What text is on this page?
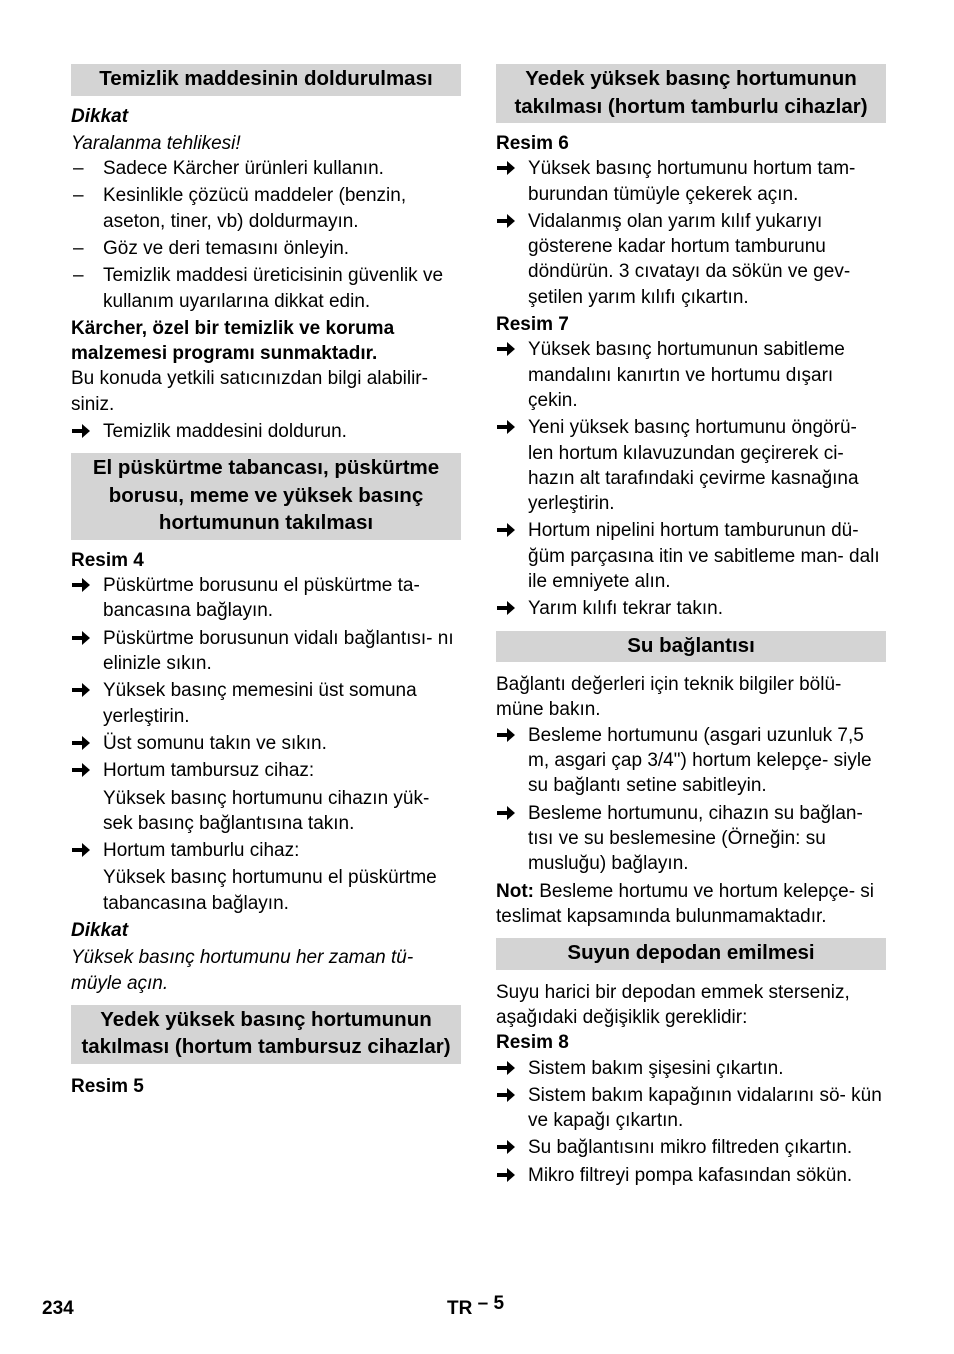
Temizlik maddesinin doldurulması
Dikkat
Yaralanma tehlikesi!
–	Sadece Kärcher ürünleri kullanın.
–	Kesinlikle çözücü maddeler (benzin, aseton, tiner, vb) doldurmayın.
–	Göz ve deri temasını önleyin.
–	Temizlik maddesi üreticisinin güvenlik ve kullanım uyarılarına dikkat edin.
Kärcher, özel bir temizlik ve koruma malzemesi programı sunmaktadır.
Bu konuda yetkili satıcınızdan bilgi alabilir- siniz.
Temizlik maddesini doldurun.
El püskürtme tabancası, püskürtme borusu, meme ve yüksek basınç hortumunun takılması
Resim 4
Püskürtme borusunu el püskürtme ta- bancasına bağlayın.
Püskürtme borusunun vidalı bağlantısı- nı elinizle sıkın.
Yüksek basınç memesini üst somuna yerleştirin.
Üst somunu takın ve sıkın.
Hortum tambursuz cihaz:
Yüksek basınç hortumunu cihazın yük- sek basınç bağlantısına takın.
Hortum tamburlu cihaz:
Yüksek basınç hortumunu el püskürtme tabancasına bağlayın.
Dikkat
Yüksek basınç hortumunu her zaman tü- müyle açın.
Yedek yüksek basınç hortumunun takılması (hortum tambursuz cihazlar)
Resim 5
Yedek yüksek basınç hortumunun takılması (hortum tamburlu cihazlar)
Resim 6
Yüksek basınç hortumunu hortum tam- burundan tümüyle çekerek açın.
Vidalanmış olan yarım kılıf yukarıyı gösterene kadar hortum tamburunu döndürün. 3 cıvatayı da sökün ve gev- şetilen yarım kılıfı çıkartın.
Resim 7
Yüksek basınç hortumunun sabitleme mandalını kanırtın ve hortumu dışarı çekin.
Yeni yüksek basınç hortumunu öngörü- len hortum kılavuzundan geçirerek ci- hazın alt tarafındaki çevirme kasnağına yerleştirin.
Hortum nipelini hortum tamburunun dü- ğüm parçasına itin ve sabitleme man- dalı ile emniyete alın.
Yarım kılıfı tekrar takın.
Su bağlantısı
Bağlantı değerleri için teknik bilgiler bölü- müne bakın.
Besleme hortumunu (asgari uzunluk 7,5 m, asgari çap 3/4") hortum kelepçe- siyle su bağlantı setine sabitleyin.
Besleme hortumunu, cihazın su bağlan- tısı ve su beslemesine (Örneğin: su musluğu) bağlayın.
Not: Besleme hortumu ve hortum kelepçe- si teslimat kapsamında bulunmamaktadır.
Suyun depodan emilmesi
Suyu harici bir depodan emmek sterseniz, aşağıdaki değişiklik gereklidir:
Resim 8
Sistem bakım şişesini çıkartın.
Sistem bakım kapağının vidalarını sö- kün ve kapağı çıkartın.
Su bağlantısını mikro filtreden çıkartın.
Mikro filtreyi pompa kafasından sökün.
234	TR – 5
